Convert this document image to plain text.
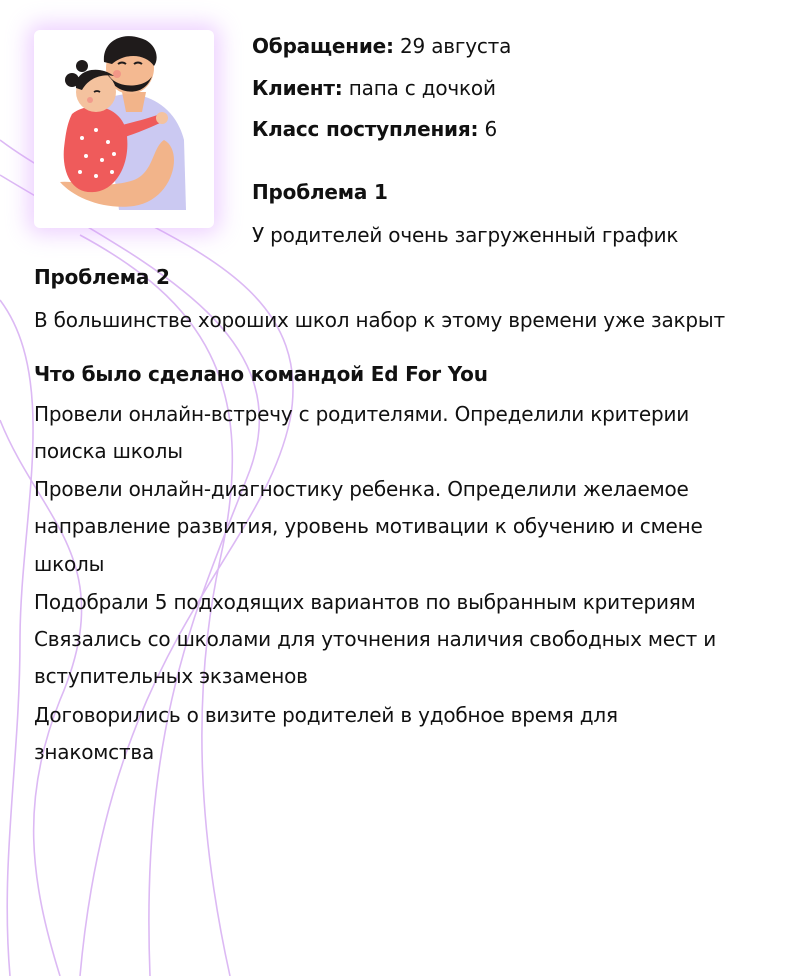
Обращение: 29 августа
Клиент: папа с дочкой
Класс поступления: 6
Проблема 1
У родителей очень загруженный график
Проблема 2
В большинстве хороших школ набор к этому времени уже закрыт
Что было сделано командой Ed For You
Провели онлайн-встречу с родителями. Определили критерии
поиска школы
Провели онлайн-диагностику ребенка. Определили желаемое
направление развития, уровень мотивации к обучению и смене
школы
Подобрали 5 подходящих вариантов по выбранным критериям
Связались со школами для уточнения наличия свободных мест и
вступительных экзаменов
Договорились о визите родителей в удобное время для
знакомства
